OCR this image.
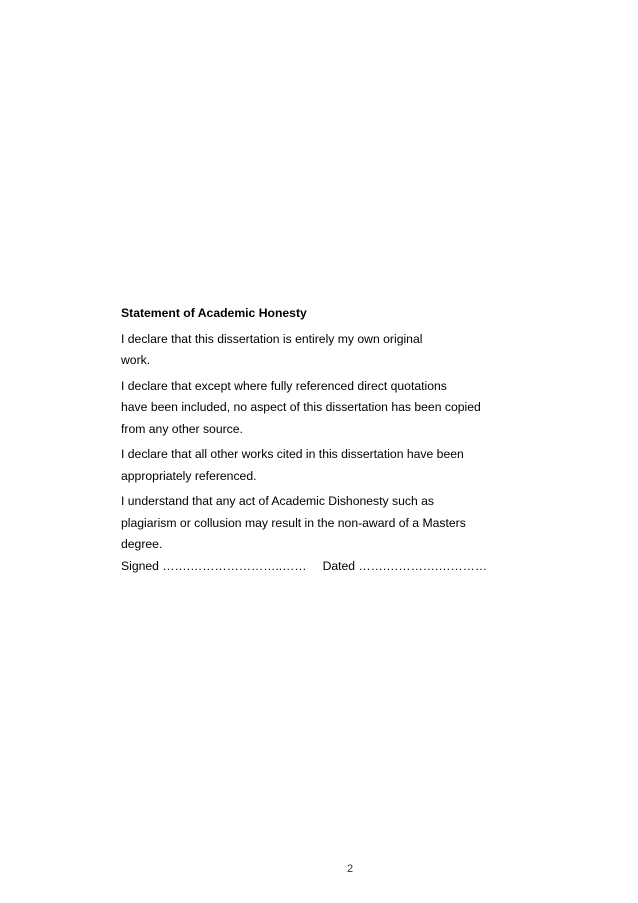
Statement of Academic Honesty
I declare that this dissertation is entirely my own original
work.
I declare that except where fully referenced direct quotations
have been included, no aspect of this dissertation has been copied
from any other source.
I declare that all other works cited in this dissertation have been
appropriately referenced.
I understand that any act of Academic Dishonesty such as
plagiarism or collusion may result in the non-award of a Masters
degree.
Signed …….…………………..…… Dated …….………….…………
2
